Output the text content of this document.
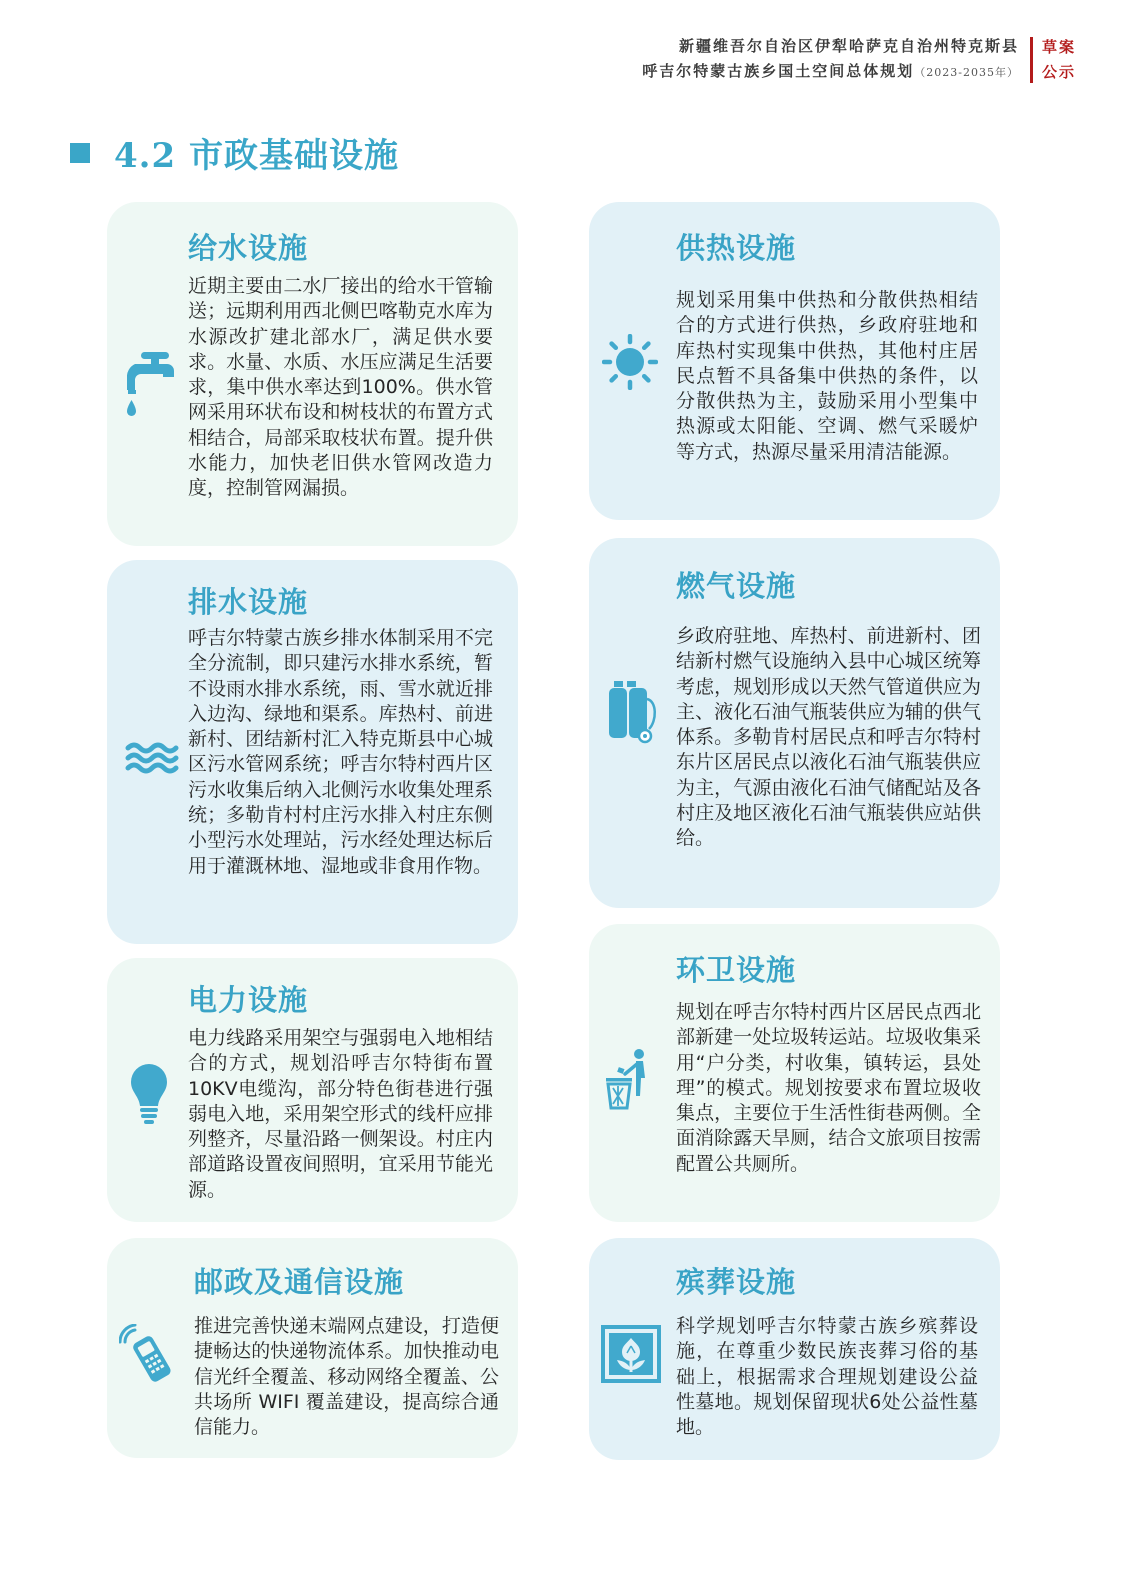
新疆维吾尔自治区伊犁哈萨克自治州特克斯县
呼吉尔特蒙古族乡国土空间总体规划（2023-2035年）
草案
公示
4.2 市政基础设施
给水设施

近期主要由二水厂接出的给水干管输送；远期利用西北侧巴喀勒克水库为水源改扩建北部水厂，满足供水要求。水量、水质、水压应满足生活要求，集中供水率达到100%。供水管网采用环状布设和树枝状的布置方式相结合，局部采取枝状布置。提升供水能力，加快老旧供水管网改造力度，控制管网漏损。

供热设施

规划采用集中供热和分散供热相结合的方式进行供热，乡政府驻地和库热村实现集中供热，其他村庄居民点暂不具备集中供热的条件，以分散供热为主，鼓励采用小型集中热源或太阳能、空调、燃气采暖炉等方式，热源尽量采用清洁能源。

排水设施

呼吉尔特蒙古族乡排水体制采用不完全分流制，即只建污水排水系统，暂不设雨水排水系统，雨、雪水就近排入边沟、绿地和渠系。库热村、前进新村、团结新村汇入特克斯县中心城区污水管网系统；呼吉尔特村西片区污水收集后纳入北侧污水收集处理系统；多勒肯村村庄污水排入村庄东侧小型污水处理站，污水经处理达标后用于灌溉林地、湿地或非食用作物。

燃气设施

乡政府驻地、库热村、前进新村、团结新村燃气设施纳入县中心城区统筹考虑，规划形成以天然气管道供应为主、液化石油气瓶装供应为辅的供气体系。多勒肯村居民点和呼吉尔特村东片区居民点以液化石油气瓶装供应为主，气源由液化石油气储配站及各村庄及地区液化石油气瓶装供应站供给。

电力设施

电力线路采用架空与强弱电入地相结合的方式，规划沿呼吉尔特街布置10KV电缆沟，部分特色街巷进行强弱电入地，采用架空形式的线杆应排列整齐，尽量沿路一侧架设。村庄内部道路设置夜间照明，宜采用节能光源。

环卫设施

规划在呼吉尔特村西片区居民点西北部新建一处垃圾转运站。垃圾收集采用“户分类，村收集，镇转运，县处理”的模式。规划按要求布置垃圾收集点，主要位于生活性街巷两侧。全面消除露天旱厕，结合文旅项目按需配置公共厕所。

邮政及通信设施

推进完善快递末端网点建设，打造便捷畅达的快递物流体系。加快推动电信光纤全覆盖、移动网络全覆盖、公共场所 WIFI 覆盖建设，提高综合通信能力。

殡葬设施

科学规划呼吉尔特蒙古族乡殡葬设施，在尊重少数民族丧葬习俗的基础上，根据需求合理规划建设公益性墓地。规划保留现状6处公益性墓地。
